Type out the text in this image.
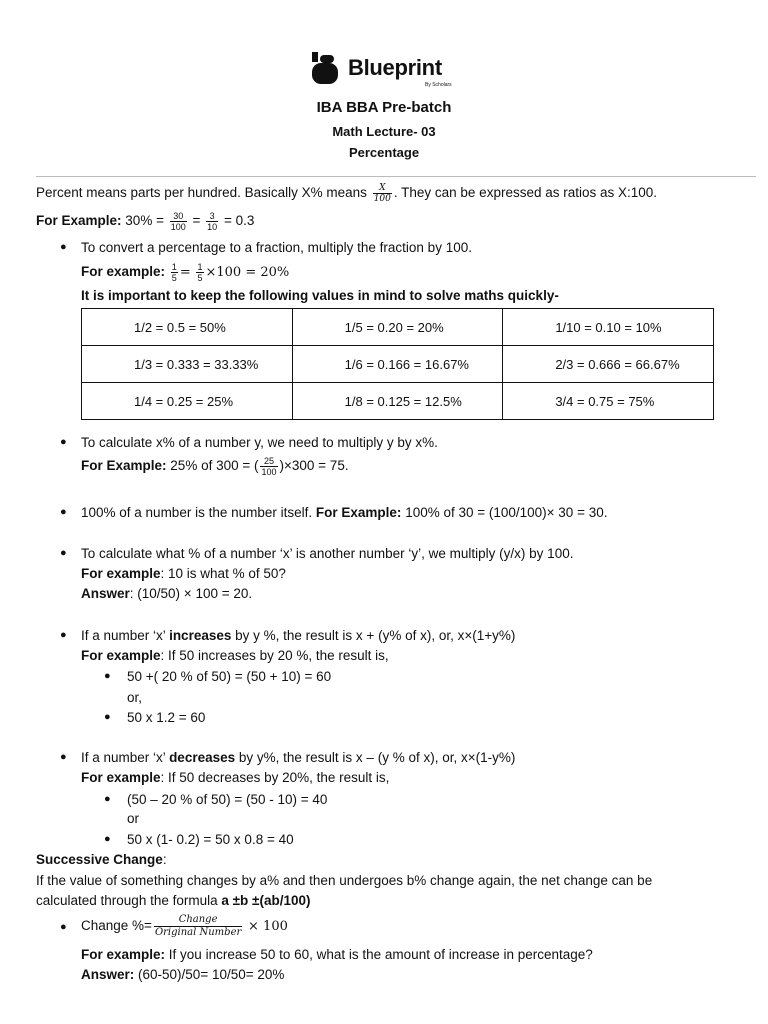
Blueprint
By Scholars
IBA BBA Pre-batch
Math Lecture- 03
Percentage
Percent means parts per hundred. Basically X% means $\frac{X}{100}$ . They can be expressed as ratios as X:100.
For Example: $30\% = \frac{30}{100} = \frac{3}{10} = 0.3$
● To convert a percentage to a fraction, multiply the fraction by 100.
For example: $\frac{1}{5} = \frac{1}{5} \times 100 = 20\%$
It is important to keep the following values in mind to solve maths quickly-
1/2 = 0.5 = 50%	1/5 = 0.20 = 20%	1/10 = 0.10 = 10%
1/3 = 0.333 = 33.33%	1/6 = 0.166 = 16.67%	2/3 = 0.666 = 66.67%
1/4 = 0.25 = 25%	1/8 = 0.125 = 12.5%	3/4 = 0.75 = 75%
● To calculate x% of a number y, we need to multiply y by x%.
For Example: 25% of 300 = ( $\frac{25}{100} )\times 300 = 75$.
● 100% of a number is the number itself. For Example: 100% of 30 = (100/100)× 30 = 30.
● To calculate what % of a number ‘x’ is another number ‘y’, we multiply (y/x) by 100.
For example: 10 is what % of 50?
Answer: (10/50) × 100 = 20.
● If a number ‘x’ increases by y %, the result is x + (y% of x), or, x×(1+y%)
For example: If 50 increases by 20 %, the result is,
● 50 +( 20 % of 50) = (50 + 10) = 60
or,
● 50 x 1.2 = 60
● If a number ‘x’ decreases by y%, the result is x – (y % of x), or, x×(1-y%)
For example: If 50 decreases by 20%, the result is,
● (50 – 20 % of 50) = (50 - 10) = 40
or
● 50 x (1- 0.2) = 50 x 0.8 = 40
Successive Change:
If the value of something changes by a% and then undergoes b% change again, the net change can be
calculated through the formula a ±b ±(ab/100)
● Change %= $\frac{\text{Change}}{\text{Original Number}} \times 100$
For example: If you increase 50 to 60, what is the amount of increase in percentage?
Answer: (60-50)/50= 10/50= 20%
